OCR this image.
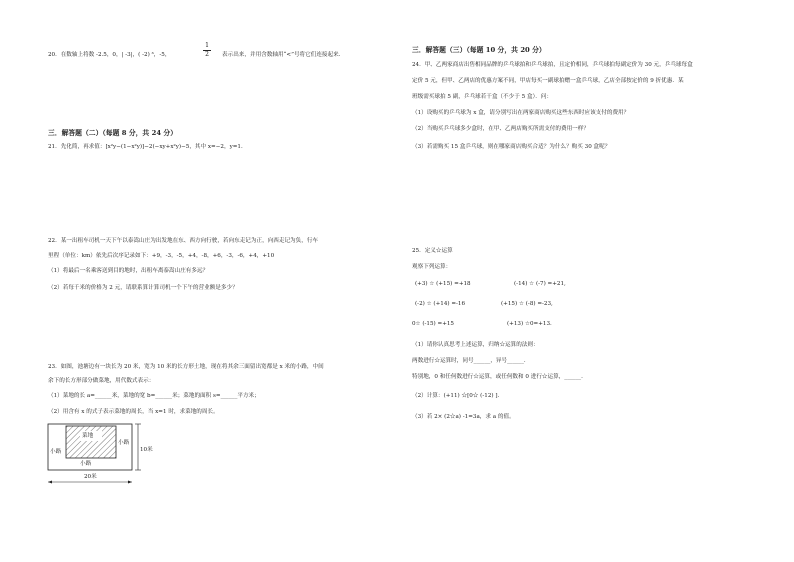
20．在数轴上将数 -2.5，0，| -3|，( -2) ³，-5，
1
2	表示出来，并用含数轴用“<”号将它们连接起来．
三．解答题（二）（每题 8 分，共 24 分）
21．先化简，再求值：[x²y−(1−x²y)]−2(−xy+x²y)−5，其中 x=−2，y=1.
22．某一出租车司机一天下午以泰嵩山庄为出发地在东、西方向行驶，若向东走记为正，向西走记为负，行车
里程（单位：km）依先后次序记录如下：+9，-3，-5，+4，-8，+6，-3，-6，+4，+10
（1）将最后一名乘客送到目的地时，出租车离泰嵩山庄有多远？
（2）若每千米的价格为 2 元，请联系算计算司机一个下午的营业额是多少？
23．如图，池塘边有一块长为 20 米，宽为 10 米的长方形土地，现在将其余三面留出宽都是 x 米的小路，中间
余下的长方形部分做菜地，用代数式表示：
（1）菜地的长 a=______米，菜地的宽 b=______米；菜地的面积 s=______平方米；
（2）用含有 x 的式子表示菜地的周长，当 x=1 时，求菜地的周长。
菜地
小路
小路
小路
10米
20米
三．解答题（三）（每题 10 分，共 20 分）
24．甲、乙两家商店出售相同品牌的乒乓球拍和乒乓球拍，且定价相同，乒乓球拍每副定价为 30 元，乒乓球每盒
定价 5 元，但甲、乙两店的优惠方案不同，甲店每买一副球拍赠一盒乒乓球，乙店全部按定价的 9 折优惠．某
班级需买球拍 5 副，乒乓球若干盒（不少于 5 盒）．问：
（1）设购买的乒乓球为 x 盒，请分别写出在两家商店购买这些东西时应该支付的费用？
（2）当购买乒乓球多少盒时，在甲、乙两店购买所需支付的费用一样？
（3）若需购买 15 盒乒乓球，则在哪家商店购买合适？为什么？购买 30 盒呢？
25．定义☆运算
观察下列运算：
(+3) ☆ (+15) =+18	(-14) ☆ (-7) =+21,
(-2) ☆ (+14) =-16	(+15) ☆ (-8) =-23,
0☆ (-15) =+15	(+13) ☆0=+13.
（1）请你认真思考上述运算，归纳☆运算的法则：
两数进行☆运算时，同号______，异号______.
特别地，0 和任何数进行☆运算，或任何数和 0 进行☆运算，______.
（2）计算：(+11) ☆[0☆ (-12) ].
（3）若 2× (2☆a) -1=3a，求 a 的值。
